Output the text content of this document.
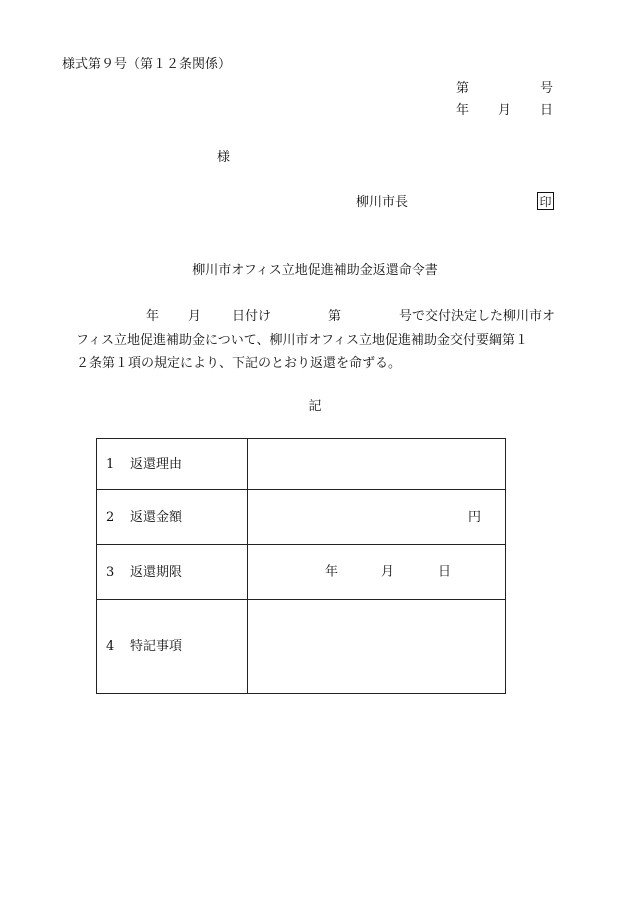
様式第９号（第１２条関係）
第	号
年 月 日
様
柳川市長	印
柳川市オフィス立地促進補助金返還命令書
年 月 日付け	第	号で交付決定した柳川市オ
フィス立地促進補助金について、柳川市オフィス立地促進補助金交付要綱第１
２条第１項の規定により、下記のとおり返還を命ずる。
記
1 返還理由	
2 返還金額	円
3 返還期限	年 月 日

4 特記事項	
